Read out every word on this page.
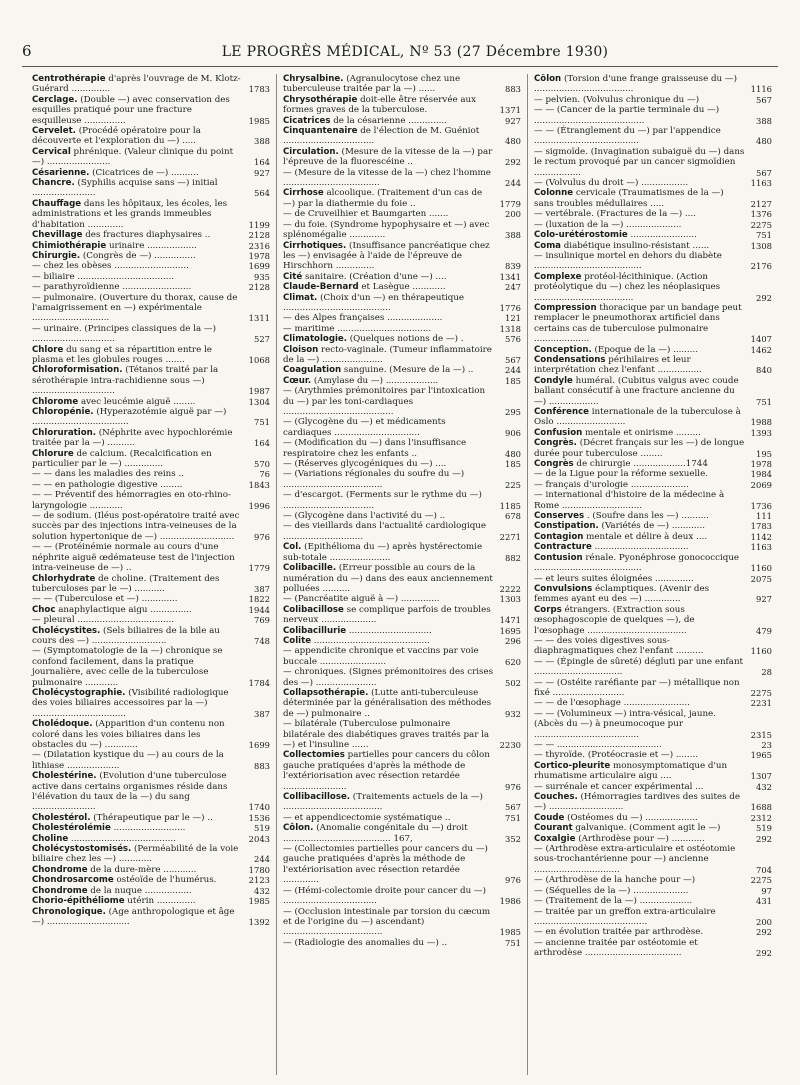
6	LE PROGRÈS MÉDICAL, Nº 53 (27 Décembre 1930)
Centrothérapie d'après l'ouvrage de M. Klotz-Guérard ..............	1783
Cerclage. (Double —) avec conservation des esquilles pratiqué pour une fracture esquilleuse ...............	1985
Cervelet. (Procédé opératoire pour la découverte et l'exploration du —) .....	388
Cervical phrénique. (Valeur clinique du point —) .......................	164
Césarienne. (Cicatrices de —) ..........	927
Chancre. (Syphilis acquise sans —) initial .......................	564
Chauffage dans les hôpitaux, les écoles, les administrations et les grands immeubles d'habitation .............	1199
Chevillage des fractures diaphysaires ..	2128
Chimiothérapie urinaire ..................	2316
Chirurgie. (Congrès de —) ...............	1978
— chez les obèses ...........................	1699
— biliaire ...................................	935
— parathyroïdienne .........................	2128
— pulmonaire. (Ouverture du thorax, cause de l'amaigrissement en —) expérimentale ............................	1311
— urinaire. (Principes classiques de la —) ..............................	527
Chlore du sang et sa répartition entre le plasma et les globules rouges .......	1068
Chloroformisation. (Tétanos traité par la sérothérapie intra-rachidienne sous —) ..............................	1987
Chlorome avec leucémie aiguë ........	1304
Chloropénie. (Hyperazotémie aiguë par —) ...................................	751
Chloruration. (Néphrite avec hypochlorémie traitée par la —) ..........	164
Chlorure de calcium. (Recalcification en particulier par le —) ..............	570
— — dans les maladies des reins ..	76
— — en pathologie digestive ........	1843
— — Préventif des hémorragies en oto-rhino-laryngologie ............	1996
— de sodium. (Iléus post-opératoire traité avec succès par des injections intra-veineuses de la solution hypertonique de —) ...........................	976
— — (Protéinémie normale au cours d'une néphrite aiguë œdémateuse test de l'injection intra-veineuse de —) ..	1779
Chlorhydrate de choline. (Traitement des tuberculoses par le —) ...........	387
— — (Tuberculose et —) .............	1822
Choc anaphylactique aigu ...............	1944
— pleural ...................................	769
Cholécystites. (Sels biliaires de la bile au cours des —) ...........................	748
— (Symptomatologie de la —) chronique se confond facilement, dans la pratique journalière, avec celle de la tuberculose pulmonaire ............	1784
Cholécystographie. (Visibilité radiologique des voies biliaires accessoires par la —) ..................................	387
Cholédoque. (Apparition d'un contenu non coloré dans les voies biliaires dans les obstacles du —) ............	1699
— (Dilatation kystique du —) au cours de la lithiase ...................	883
Cholestérine. (Evolution d'une tuberculose active dans certains organismes réside dans l'élévation du taux de la —) du sang .......................	1740
Cholestérol. (Thérapeutique par le —) ..	1536
Cholestérolémie ..........................	519
Choline ......................................	2043
Cholécystostomisés. (Perméabilité de la voie biliaire chez les —) ............	244
Chondrome de la dure-mère ............	1780
Chondrosarcome ostéoïde de l'humérus.	2123
Chondrome de la nuque .................	432
Chorio-épithéliome utérin ..............	1985
Chronologique. (Age anthropologique et âge —) ..............................	1392
Chrysalbine. (Agranulocytose chez une tuberculeuse traitée par la —) ......	883
Chrysothérapie doit-elle être réservée aux formes graves de la tuberculose.	1371
Cicatrices de la césarienne ..............	927
Cinquantenaire de l'élection de M. Guéniot .................................	480
Circulation. (Mesure de la vitesse de la —) par l'épreuve de la fluorescéine ..	292
— (Mesure de la vitesse de la —) chez l'homme ...................................	244
Cirrhose alcoolique. (Traitement d'un cas de —) par la diathermie du foie ..	1779
— de Cruveilhier et Baumgarten .......	200
— du foie. (Syndrome hypophysaire et —) avec splénomégalie .............	388
Cirrhotiques. (Insuffisance pancréatique chez les —) envisagée à l'aide de l'épreuve de Hirschhorn ..............	839
Cité sanitaire. (Création d'une —) ....	1341
Claude-Bernard et Lasègue ............	247
Climat. (Choix d'un —) en thérapeutique .......................................	1776
— des Alpes françaises ....................	121
— maritime ..................................	1318
Climatologie. (Quelques notions de —) .	576
Cloison recto-vaginale. (Tumeur inflammatoire de la —) ......................	567
Coagulation sanguine. (Mesure de la —) ..	244
Cœur. (Amylase du —) ...................	185
— (Arythmies prémonitoires par l'intoxication du —) par les toni-cardiaques ........................................	295
— (Glycogène du —) et médicaments cardiaques ...............................	906
— (Modification du —) dans l'insuffisance respiratoire chez les enfants ..	480
— (Réserves glycogéniques du —) ....	185
— (Variations régionales du soufre du —) ....................................	225
— d'escargot. (Ferments sur le rythme du —) .................................	1185
— (Glycogène dans l'activité du —) ..	678
— des vieillards dans l'actualité cardiologique .............................	2271
Col. (Epithélioma du —) après hystérectomie sub-totale ......................	882
Colibacille. (Erreur possible au cours de la numération du —) dans des eaux anciennement polluées ..........	2222
— (Pancréatite aiguë à —) ..............	1303
Colibacillose se complique parfois de troubles nerveux ....................	1471
Colibacillurie ..............................	1695
Colite ..........................................	296
— appendicite chronique et vaccins par voie buccale ........................	620
— chroniques. (Signes prémonitoires des crises des —) ......................	502
Collapsothérapie. (Lutte anti-tuberculeuse déterminée par la généralisation des méthodes de —) pulmonaire ..	932
— bilatérale (Tuberculose pulmonaire bilatérale des diabétiques graves traités par la —) et l'insuline ......	2230
Collectomies partielles pour cancers du côlon gauche pratiquées d'après la méthode de l'extériorisation avec résection retardée .......................	976
Collibacillose. (Traitements actuels de la —) ....................................	567
— et appendicectomie systématique ..	751
Côlon. (Anomalie congénitale du —) droit ....................................... 167,	352
— (Collectomies partielles pour cancers du —) gauche pratiquées d'après la méthode de l'extériorisation avec résection retardée .............	976
— (Hémi-colectomie droite pour cancer du —) ..................................	1986
— (Occlusion intestinale par torsion du cæcum et de l'origine du —) ascendant) ....................................	1985
— (Radiologie des anomalies du —) ..	751
Côlon (Torsion d'une frange graisseuse du —) ....................................	1116
— pelvien. (Volvulus chronique du —)	567
— — (Cancer de la partie terminale du —) ........................................	388
— — (Étranglement du —) par l'appendice ......................................	480
— sigmoïde. (Invagination subaiguë du —) dans le rectum provoqué par un cancer sigmoïdien .................	567
— (Volvulus du droit —) .................	1163
Colonne cervicale (Traumatismes de la —) sans troubles médullaires .....	2127
— vertébrale. (Fractures de la —) ....	1376
— (luxation de la —) ....................	2275
Colo-urétérostomie ........................	751
Coma diabétique insulino-résistant ......	1308
— insulinique mortel en dehors du diabète .......................................	2176
Complexe protéol-lécithinique. (Action protéolytique du —) chez les néoplasiques ....................................	292
Compression thoracique par un bandage peut remplacer le pneumothorax artificiel dans certains cas de tuberculose pulmonaire ....................	1407
Conception. (Epoque de la —) .........	1462
Condensations périhilaires et leur interprétation chez l'enfant ................	840
Condyle huméral. (Cubitus valgus avec coude ballant consécutif à une fracture ancienne du —) ..................	751
Conférence internationale de la tuberculose à Oslo .........................	1988
Confusion mentale et onirisme .........	1393
Congrès. (Décret français sur les —) de longue durée pour tuberculose ........	195
Congrès de chirurgie ...................1744	1978
— de la Ligue pour la réforme sexuelle.	1984
— français d'urologie .....................	2069
— international d'histoire de la médecine à Rome .............................	1736
Conserves . (Soufre dans les —) ..........	111
Constipation. (Variétés de —) ............	1783
Contagion mentale et délire à deux ....	1142
Contracture ..................................	1163
Contusion rénale. Pyonéphrose gonococcique .......................................	1160
— et leurs suites éloignées ..............	2075
Convulsions éclamptiques. (Avenir des femmes ayant eu des —) .............	927
Corps étrangers. (Extraction sous œsophagoscopie de quelques —), de l'œsophage ....................................	479
— — des voies digestives sous-diaphragmatiques chez l'enfant ..........	1160
— — (Épingle de sûreté) dégluti par une enfant ................................	28
— — (Ostéite raréfiante par —) métallique non fixé ..........................	2275
— — de l'œsophage ........................	2231
— — (Volumineux —) intra-vésical, jaune. (Abcès du —) à pneumocoque pur ......................................	2315
— — ......................................	23
— thyroïde. (Protéocrasie et —) ........	1965
Cortico-pleurite monosymptomatique d'un rhumatisme articulaire aigu ....	1307
— surrénale et cancer expérimental ...	432
Couches. (Hémorragies tardives des suites de —) ...........................	1688
Coude (Ostéomes du —) ...................	2312
Courant galvanique. (Comment agit le —)	519
Coxalgie (Arthrodèse pour —) ............	292
— (Arthrodèse extra-articulaire et ostéotomie sous-trochantérienne pour —) ancienne ...............................	704
— (Arthrodèse de la hanche pour —)	2275
— (Séquelles de la —) ....................	97
— (Traitement de la —) ...................	431
— traitée par un greffon extra-articulaire .........................................	200
— en évolution traitée par arthrodèse.	292
— ancienne traitée par ostéotomie et arthrodèse ...................................	292
